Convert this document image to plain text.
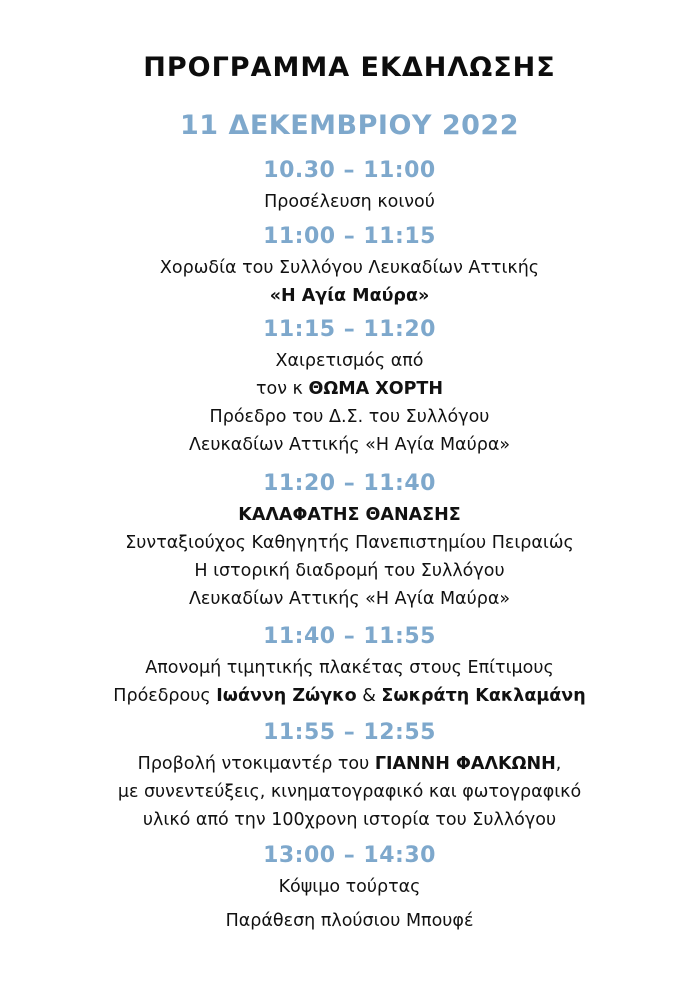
ΠΡΟΓΡΑΜΜΑ ΕΚΔΗΛΩΣΗΣ

11 ΔΕΚΕΜΒΡΙΟΥ 2022

10.30 – 11:00

Προσέλευση κοινού

11:00 – 11:15

Χορωδία του Συλλόγου Λευκαδίων Αττικής

«Η Αγία Μαύρα»

11:15 – 11:20

Χαιρετισμός από

τον κ ΘΩΜΑ ΧΟΡΤΗ

Πρόεδρο του Δ.Σ. του Συλλόγου

Λευκαδίων Αττικής «Η Αγία Μαύρα»

11:20 – 11:40

ΚΑΛΑΦΑΤΗΣ ΘΑΝΑΣΗΣ

Συνταξιούχος Καθηγητής Πανεπιστημίου Πειραιώς

Η ιστορική διαδρομή του Συλλόγου

Λευκαδίων Αττικής «Η Αγία Μαύρα»

11:40 – 11:55

Απονομή τιμητικής πλακέτας στους Επίτιμους

Πρόεδρους Ιωάννη Ζώγκο & Σωκράτη Κακλαμάνη

11:55 – 12:55

Προβολή ντοκιμαντέρ του ΓΙΑΝΝΗ ΦΑΛΚΩΝΗ,

με συνεντεύξεις, κινηματογραφικό και φωτογραφικό

υλικό από την 100χρονη ιστορία του Συλλόγου

13:00 – 14:30

Κόψιμο τούρτας

Παράθεση πλούσιου Μπουφέ
